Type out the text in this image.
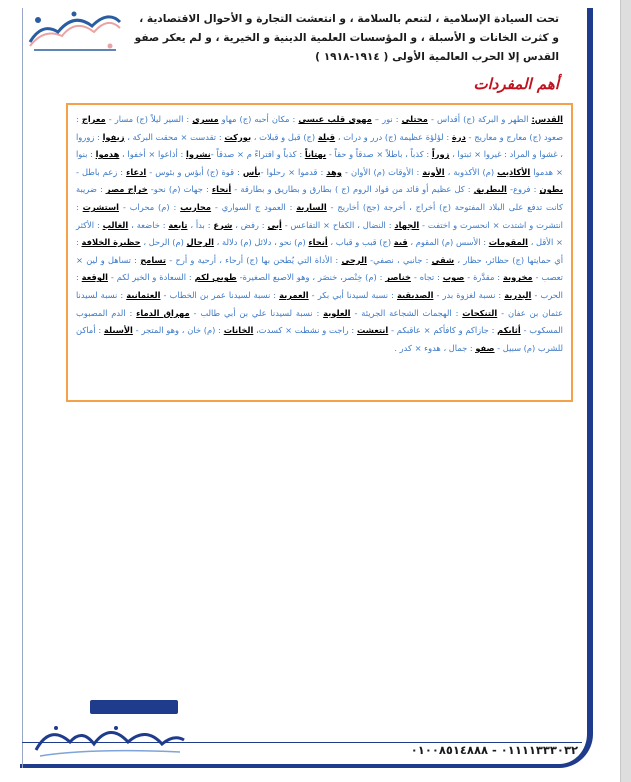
تحت السيادة الإسلامية ، لتنعم بالسلامة ، و انتعشت التجارة و الأحوال الاقتصادية ، و كثرت الخانات و الأسبلة ، و المؤسسات العلمية الدينية و الخيرية ، و لم يعكر صفو القدس إلا الحرب العالمية الأولى ( ١٩١٤-١٩١٨ )
أهم المفردات
القدس: الطهر و البركة (ج) أقداس - مجتلى : نور – مهوى قلب عيسى : مكان أحبه (ج) مهاو مسرى : السير ليلاً (ج) مسار - معراج : صعود (ج) معارج و معاريج - درة : لؤلؤة عظيمة (ج) درر و درات ، قبلة (ج) قبل و قبلات ، بوركت : تقدست × محقت البركة ، زيفوا : زوروا ، غشوا و المراد : غيروا × ثبتوا ، زوراً : كذباً ، باطلاً × صدقاً و حقاً - بهتاناً : كذباً و افتراءً م × صدقاً -نشروا : أذاعوا × أخفوا ، هدموا : بنوا × هدموا الأكاذيب (م) الأكذوبة ، الأونة : الأوقات (م) الأوان - وهد : قدموا × رحلوا -بأس : قوة (ج) أبؤس و بئوس - ادعاء : زعم باطل - بطون : فروع- البطريق : كل عظيم أو قائد من قواد الروم (ج ) بطارق و بطاريق و بطارقة - أنحاء : جهات (م) نحو- خراج مصر : ضريبة كانت تدفع على البلاد المفتوحة (ج) أخراج ، أخرجة (جج) أخاريج - السارية : العمود ج السواري - محاريب : (م) محراب - استشرت : انتشرت و اشتدت × انحسرت و اختفت - الجهاد : النضال ، الكفاح × التقاعس - أبى : رفض ، شرع : بدأ ، تابعة : خاضعة ، الغالب : الأكثر × الأقل ، المقومات : الأسس (م) المقوم ، قبة (ج) قبب و قباب ، أنحاء (م) نحو ، دلائل (م) دلالة ، الرحال (م) الرحل ، حظيرة الخلافة : أي حمايتها (ج) حظائر، حظار ، شقي : جانبي ، نصفي- الرحى : الأداة التي يُطحن بها (ج) أرحاء ، أرحية و أرح - تسامح : تساهل و لين × تعصب - مخروبة : مقدَّرة - صوب : تجاه - خناصر : (م) خِنْصر، خنصَر ، وهو الاصبع الصغيرة- طوبي لكم : السعادة و الخير لكم - الوقعة : الحرب - البدرية : نسبة لغزوة بدر - الصديقية : نسبة لسيدنا أبي بكر - العمرية : نسبة لسيدنا عمر بن الخطاب - العثمانية : نسبة لسيدنا عثمان بن عفان - التنكحات : الهجمات الشجاعة الجريئة - العلوية : نسبة لسيدنا علي بن أبي طالب - مهراق الدماء : الدم المصبوب المسكوب - أثابكم : جازاكم و كافأكم × عاقبكم - انتعشت : راجت و نشطت × كسدت، الخانات : (م) خان ، وهو المتجر - الأسبلة : أماكن للشرب (م) سبيل - صفو : جمال ، هدوء × كدر .
٠١١١١٣٣٣٠٣٢ - ٠١٠٠٨٥١٤٨٨٨
